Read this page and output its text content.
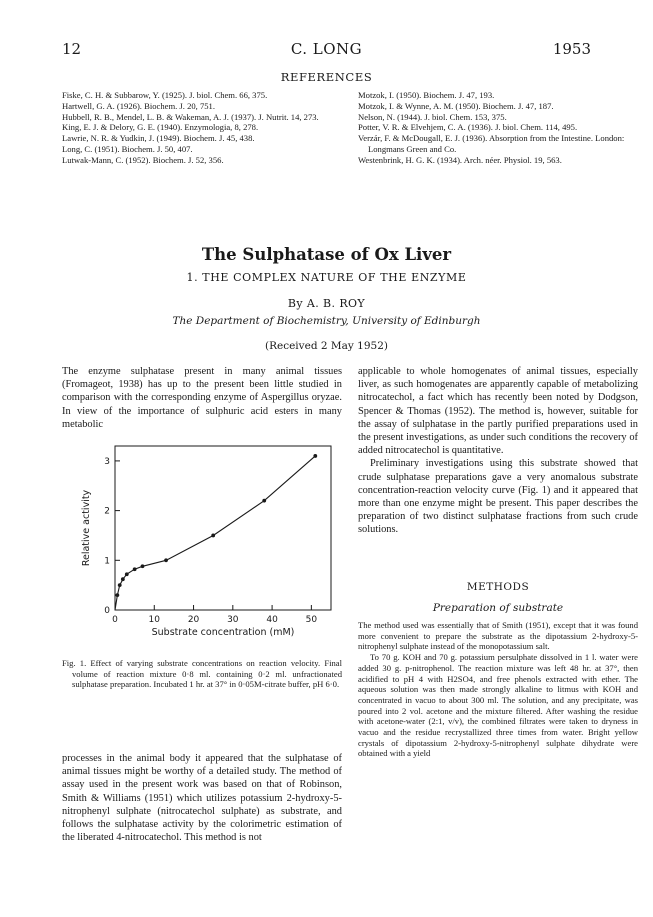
12	C. LONG	1953
REFERENCES
Fiske, C. H. & Subbarow, Y. (1925). J. biol. Chem. 66, 375.
Hartwell, G. A. (1926). Biochem. J. 20, 751.
Hubbell, R. B., Mendel, L. B. & Wakeman, A. J. (1937). J. Nutrit. 14, 273.
King, E. J. & Delory, G. E. (1940). Enzymologia, 8, 278.
Lawrie, N. R. & Yudkin, J. (1949). Biochem. J. 45, 438.
Long, C. (1951). Biochem. J. 50, 407.
Lutwak-Mann, C. (1952). Biochem. J. 52, 356.
Motzok, I. (1950). Biochem. J. 47, 193.
Motzok, I. & Wynne, A. M. (1950). Biochem. J. 47, 187.
Nelson, N. (1944). J. biol. Chem. 153, 375.
Potter, V. R. & Elvehjem, C. A. (1936). J. biol. Chem. 114, 495.
Verzár, F. & McDougall, E. J. (1936). Absorption from the Intestine. London: Longmans Green and Co.
Westenbrink, H. G. K. (1934). Arch. néer. Physiol. 19, 563.
The Sulphatase of Ox Liver
1. THE COMPLEX NATURE OF THE ENZYME
By A. B. ROY
The Department of Biochemistry, University of Edinburgh
(Received 2 May 1952)

The enzyme sulphatase present in many animal tissues (Fromageot, 1938) has up to the present been little studied in comparison with the corresponding enzyme of Aspergillus oryzae. In view of the importance of sulphuric acid esters in many metabolic

0	10	20	30	40	50
0
1
2
3
Relative activity
Substrate concentration (mM)
Fig. 1. Effect of varying substrate concentrations on reaction velocity. Final volume of reaction mixture 0·8 ml. containing 0·2 ml. unfractionated sulphatase preparation. Incubated 1 hr. at 37° in 0·05M-citrate buffer, pH 6·0.

processes in the animal body it appeared that the sulphatase of animal tissues might be worthy of a detailed study. The method of assay used in the present work was based on that of Robinson, Smith & Williams (1951) which utilizes potassium 2-hydroxy-5-nitrophenyl sulphate (nitrocatechol sulphate) as substrate, and follows the sulphatase activity by the colorimetric estimation of the liberated 4-nitrocatechol. This method is not

applicable to whole homogenates of animal tissues, especially liver, as such homogenates are apparently capable of metabolizing nitrocatechol, a fact which has recently been noted by Dodgson, Spencer & Thomas (1952). The method is, however, suitable for the assay of sulphatase in the partly purified preparations used in the present investigations, as under such conditions the recovery of added nitrocatechol is quantitative.

Preliminary investigations using this substrate showed that crude sulphatase preparations gave a very anomalous substrate concentration-reaction velocity curve (Fig. 1) and it appeared that more than one enzyme might be present. This paper describes the preparation of two distinct sulphatase fractions from such crude solutions.

METHODS
Preparation of substrate

The method used was essentially that of Smith (1951), except that it was found more convenient to prepare the substrate as the dipotassium 2-hydroxy-5-nitrophenyl sulphate instead of the monopotassium salt.

To 70 g. KOH and 70 g. potassium persulphate dissolved in 1 l. water were added 30 g. p-nitrophenol. The reaction mixture was left 48 hr. at 37°, then acidified to pH 4 with H2SO4, and free phenols extracted with ether. The aqueous solution was then made strongly alkaline to litmus with KOH and concentrated in vacuo to about 300 ml. The solution, and any precipitate, was poured into 2 vol. acetone and the mixture filtered. After washing the residue with acetone-water (2:1, v/v), the combined filtrates were taken to dryness in vacuo and the residue recrystallized three times from water. Bright yellow crystals of dipotassium 2-hydroxy-5-nitrophenyl sulphate dihydrate were obtained with a yield
